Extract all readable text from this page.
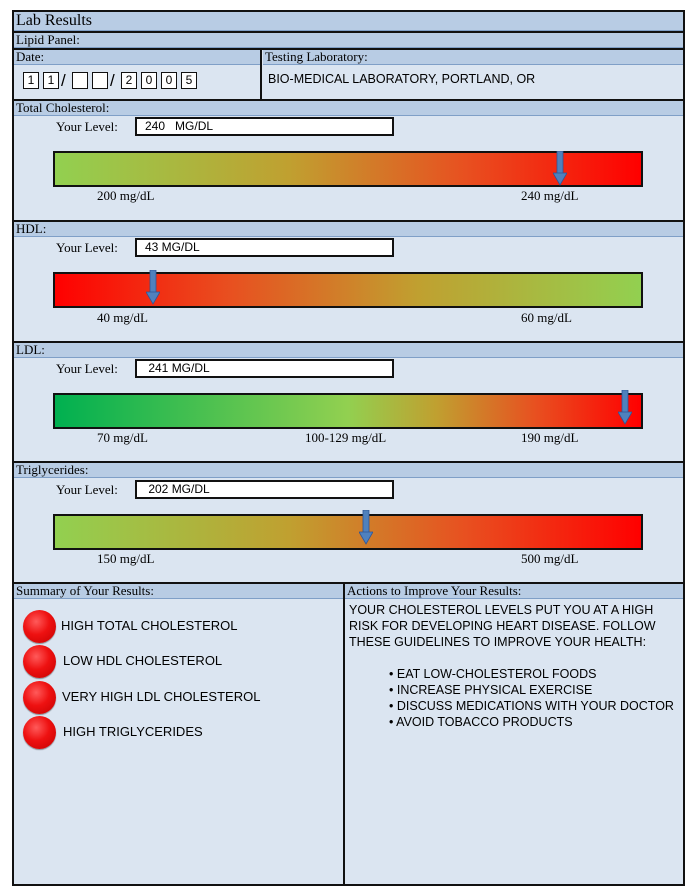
Lab Results
Lipid Panel:
Date:	Testing Laboratory:
1	1 /	/ 2	0	0	5	BIO-MEDICAL LABORATORY, PORTLAND, OR
Total Cholesterol:
Your Level:	240   MG/DL
200 mg/dL	240 mg/dL
HDL:
Your Level:	43 MG/DL
40 mg/dL	60 mg/dL
LDL:
Your Level:	241 MG/DL
70 mg/dL	100-129 mg/dL	190 mg/dL
Triglycerides:
Your Level:	202 MG/DL
150 mg/dL	500 mg/dL
Summary of Your Results:	Actions to Improve Your Results:
HIGH TOTAL CHOLESTEROL
LOW HDL CHOLESTEROL
VERY HIGH LDL CHOLESTEROL
HIGH TRIGLYCERIDES
YOUR CHOLESTEROL LEVELS PUT YOU AT A HIGH RISK FOR DEVELOPING HEART DISEASE. FOLLOW THESE GUIDELINES TO IMPROVE YOUR HEALTH:
• EAT LOW-CHOLESTEROL FOODS
• INCREASE PHYSICAL EXERCISE
• DISCUSS MEDICATIONS WITH YOUR DOCTOR
• AVOID TOBACCO PRODUCTS
